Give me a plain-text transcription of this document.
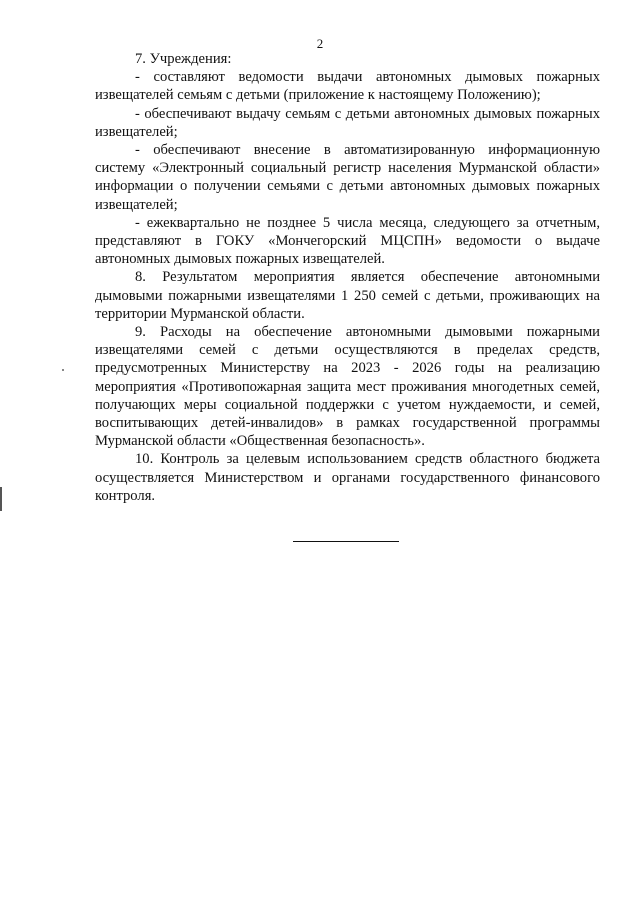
2

7. Учреждения:

- составляют ведомости выдачи автономных дымовых пожарных извещателей семьям с детьми (приложение к настоящему Положению);

- обеспечивают выдачу семьям с детьми автономных дымовых пожарных извещателей;

- обеспечивают внесение в автоматизированную информационную систему «Электронный социальный регистр населения Мурманской области» информации о получении семьями с детьми автономных дымовых пожарных извещателей;

- ежеквартально не позднее 5 числа месяца, следующего за отчетным, представляют в ГОКУ «Мончегорский МЦСПН» ведомости о выдаче автономных дымовых пожарных извещателей.

8. Результатом мероприятия является обеспечение автономными дымовыми пожарными извещателями 1 250 семей с детьми, проживающих на территории Мурманской области.

9. Расходы на обеспечение автономными дымовыми пожарными извещателями семей с детьми осуществляются в пределах средств, предусмотренных Министерству на 2023 - 2026 годы на реализацию мероприятия «Противопожарная защита мест проживания многодетных семей, получающих меры социальной поддержки с учетом нуждаемости, и семей, воспитывающих детей-инвалидов» в рамках государственной программы Мурманской области «Общественная безопасность».

10. Контроль за целевым использованием средств областного бюджета осуществляется Министерством и органами государственного финансового контроля.
